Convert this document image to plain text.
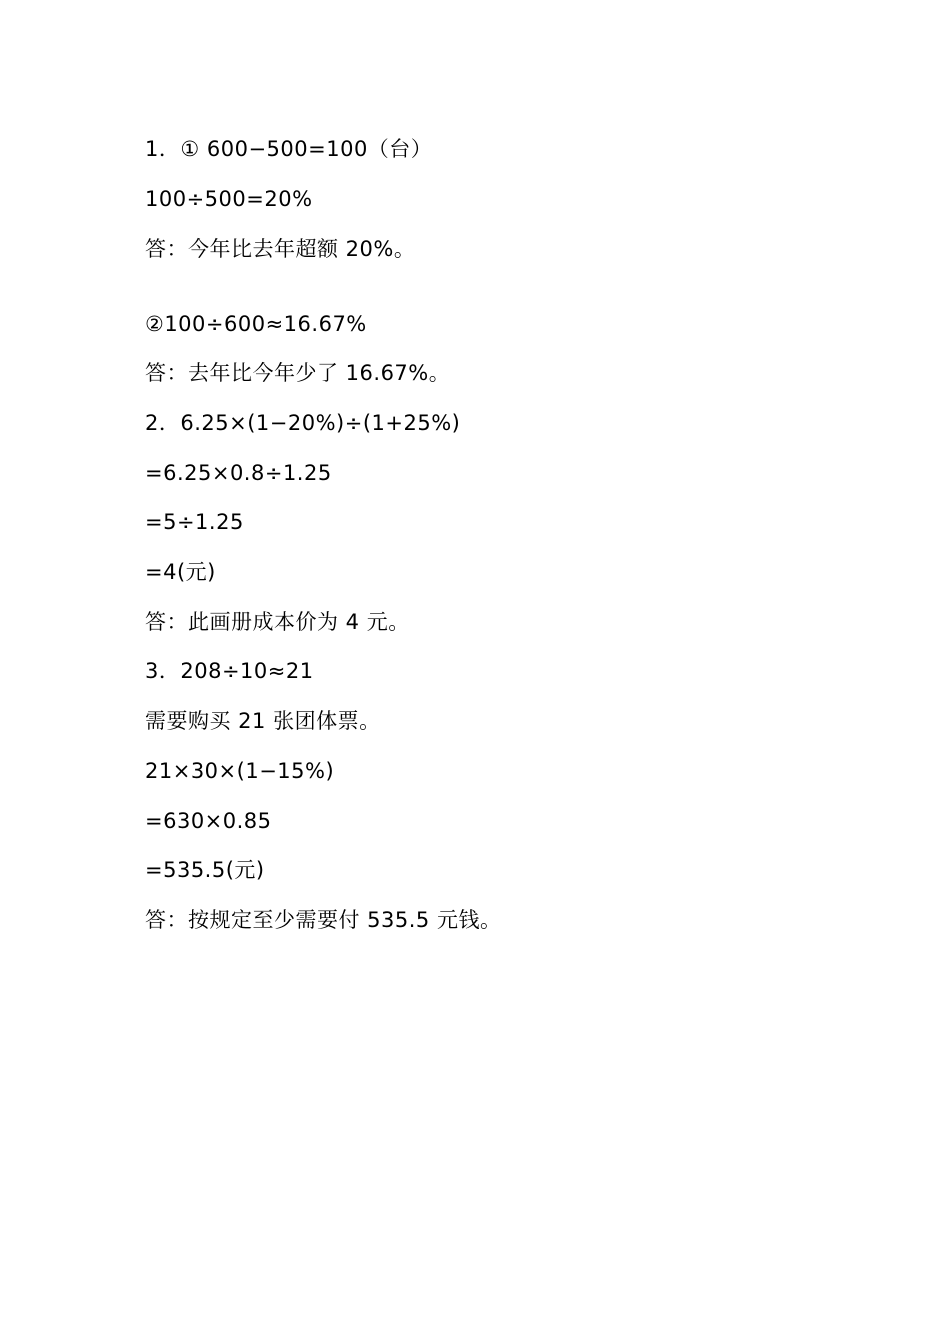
1．① 600−500=100（台）
100÷500=20%
答：今年比去年超额 20%。
②100÷600≈16.67%
答：去年比今年少了 16.67%。
2．6.25×(1−20%)÷(1+25%)
=6.25×0.8÷1.25
=5÷1.25
=4(元)
答：此画册成本价为 4 元。
3．208÷10≈21
需要购买 21 张团体票。
21×30×(1−15%)
=630×0.85
=535.5(元)
答：按规定至少需要付 535.5 元钱。
